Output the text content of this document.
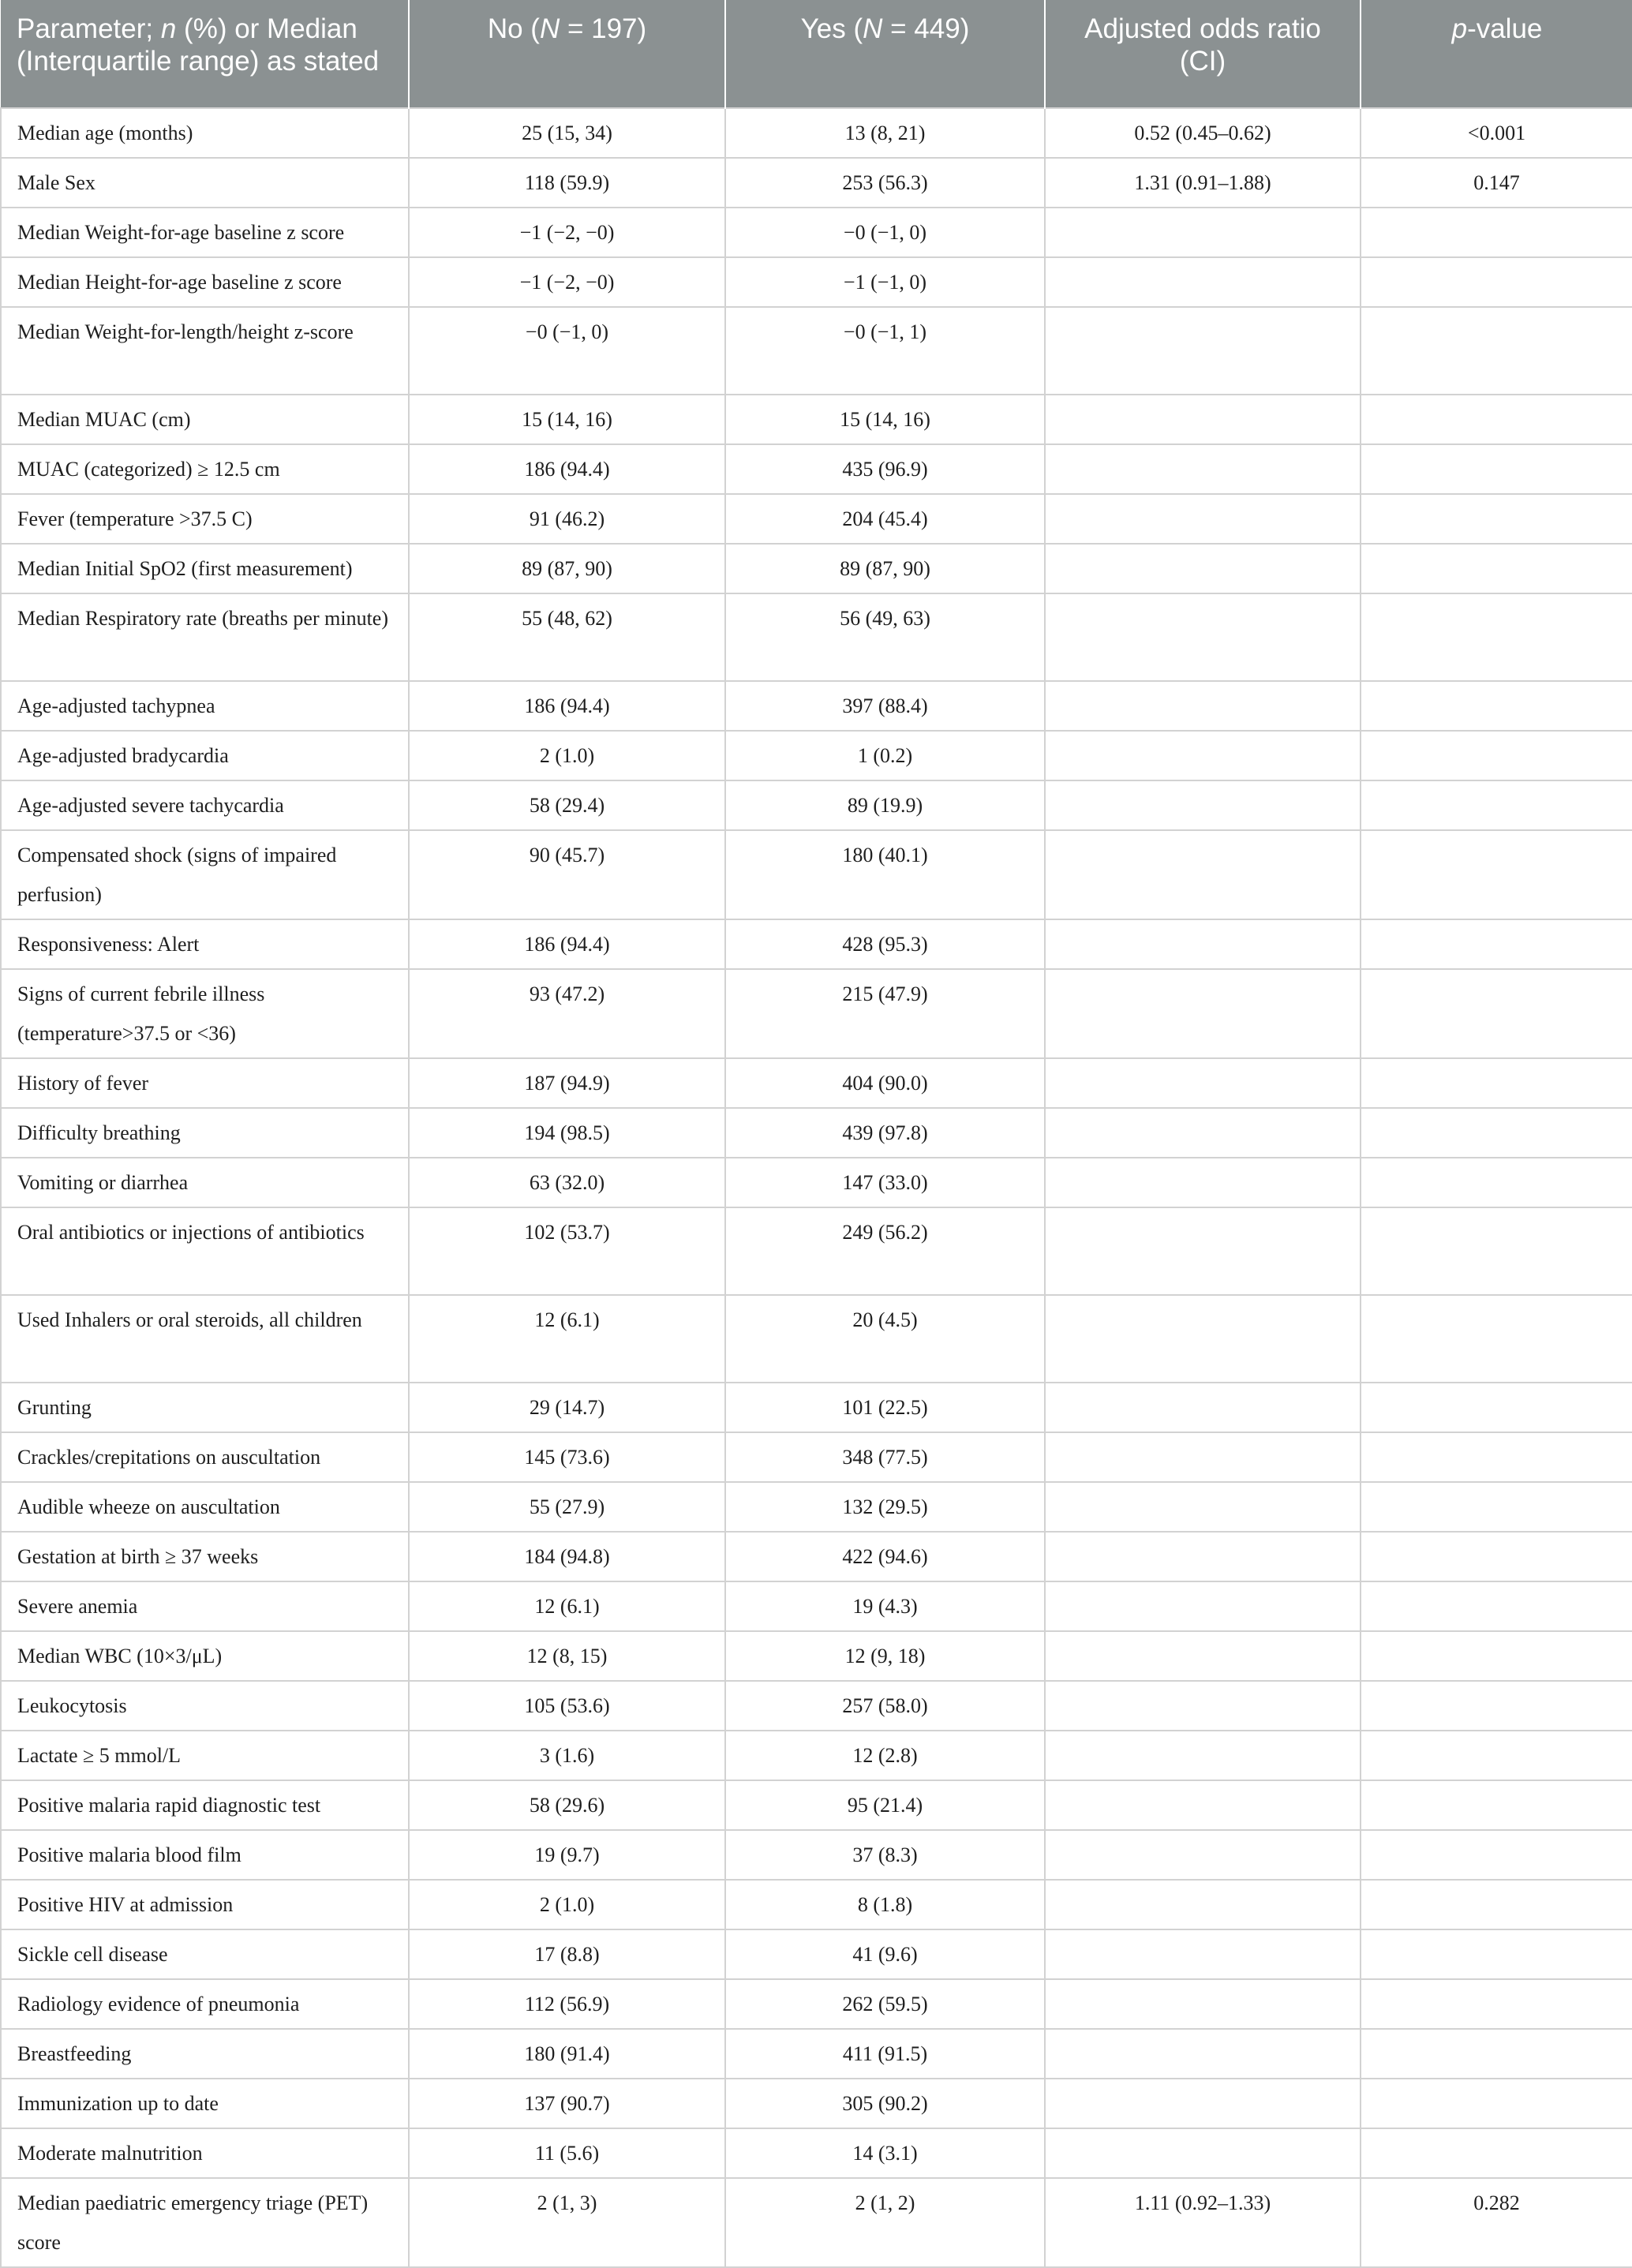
Parameter; n (%) or Median (Interquartile range) as stated	No (N = 197)	Yes (N = 449)	Adjusted odds ratio (CI)	p-value
Median age (months)	25 (15, 34)	13 (8, 21)	0.52 (0.45–0.62)	<0.001
Male Sex	118 (59.9)	253 (56.3)	1.31 (0.91–1.88)	0.147
Median Weight-for-age baseline z score	−1 (−2, −0)	−0 (−1, 0)		
Median Height-for-age baseline z score	−1 (−2, −0)	−1 (−1, 0)		
Median Weight-for-length/height z-score	−0 (−1, 0)	−0 (−1, 1)		
Median MUAC (cm)	15 (14, 16)	15 (14, 16)		
MUAC (categorized) ≥ 12.5 cm	186 (94.4)	435 (96.9)		
Fever (temperature >37.5 C)	91 (46.2)	204 (45.4)		
Median Initial SpO2 (first measurement)	89 (87, 90)	89 (87, 90)		
Median Respiratory rate (breaths per minute)	55 (48, 62)	56 (49, 63)		
Age-adjusted tachypnea	186 (94.4)	397 (88.4)		
Age-adjusted bradycardia	2 (1.0)	1 (0.2)		
Age-adjusted severe tachycardia	58 (29.4)	89 (19.9)		
Compensated shock (signs of impaired perfusion)	90 (45.7)	180 (40.1)		
Responsiveness: Alert	186 (94.4)	428 (95.3)		
Signs of current febrile illness (temperature>37.5 or <36)	93 (47.2)	215 (47.9)		
History of fever	187 (94.9)	404 (90.0)		
Difficulty breathing	194 (98.5)	439 (97.8)		
Vomiting or diarrhea	63 (32.0)	147 (33.0)		
Oral antibiotics or injections of antibiotics	102 (53.7)	249 (56.2)		
Used Inhalers or oral steroids, all children	12 (6.1)	20 (4.5)		
Grunting	29 (14.7)	101 (22.5)		
Crackles/crepitations on auscultation	145 (73.6)	348 (77.5)		
Audible wheeze on auscultation	55 (27.9)	132 (29.5)		
Gestation at birth ≥ 37 weeks	184 (94.8)	422 (94.6)		
Severe anemia	12 (6.1)	19 (4.3)		
Median WBC (10×3/μL)	12 (8, 15)	12 (9, 18)		
Leukocytosis	105 (53.6)	257 (58.0)		
Lactate ≥ 5 mmol/L	3 (1.6)	12 (2.8)		
Positive malaria rapid diagnostic test	58 (29.6)	95 (21.4)		
Positive malaria blood film	19 (9.7)	37 (8.3)		
Positive HIV at admission	2 (1.0)	8 (1.8)		
Sickle cell disease	17 (8.8)	41 (9.6)		
Radiology evidence of pneumonia	112 (56.9)	262 (59.5)		
Breastfeeding	180 (91.4)	411 (91.5)		
Immunization up to date	137 (90.7)	305 (90.2)		
Moderate malnutrition	11 (5.6)	14 (3.1)		
Median paediatric emergency triage (PET) score	2 (1, 3)	2 (1, 2)	1.11 (0.92–1.33)	0.282
